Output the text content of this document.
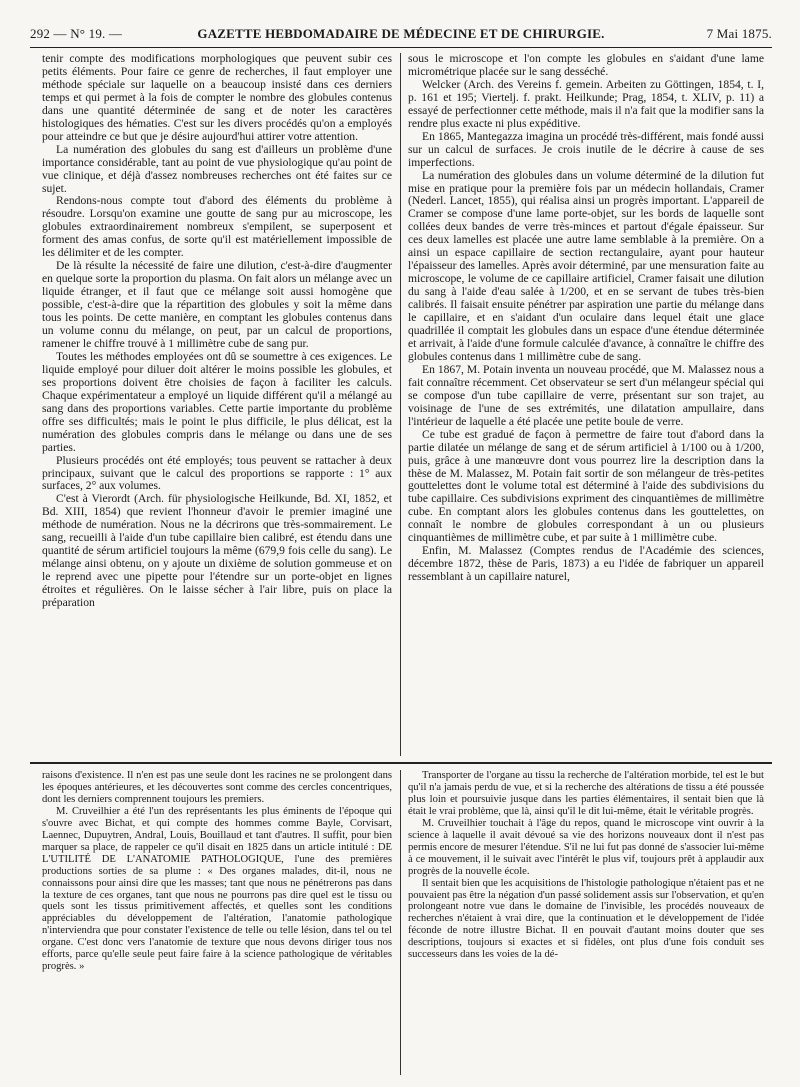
292 — N° 19. —	GAZETTE HEBDOMADAIRE DE MÉDECINE ET DE CHIRURGIE.	7 Mai 1875.

tenir compte des modifications morphologiques que peuvent subir ces petits éléments. Pour faire ce genre de recherches, il faut employer une méthode spéciale sur laquelle on a beaucoup insisté dans ces derniers temps et qui permet à la fois de compter le nombre des globules contenus dans une quantité déterminée de sang et de noter les caractères histologiques des hématies. C'est sur les divers procédés qu'on a employés pour atteindre ce but que je désire aujourd'hui attirer votre attention.

La numération des globules du sang est d'ailleurs un problème d'une importance considérable, tant au point de vue physiologique qu'au point de vue clinique, et déjà d'assez nombreuses recherches ont été faites sur ce sujet.

Rendons-nous compte tout d'abord des éléments du problème à résoudre. Lorsqu'on examine une goutte de sang pur au microscope, les globules extraordinairement nombreux s'empilent, se superposent et forment des amas confus, de sorte qu'il est matériellement impossible de les délimiter et de les compter.

De là résulte la nécessité de faire une dilution, c'est-à-dire d'augmenter en quelque sorte la proportion du plasma. On fait alors un mélange avec un liquide étranger, et il faut que ce mélange soit aussi homogène que possible, c'est-à-dire que la répartition des globules y soit la même dans tous les points. De cette manière, en comptant les globules contenus dans un volume connu du mélange, on peut, par un calcul de proportions, ramener le chiffre trouvé à 1 millimètre cube de sang pur.

Toutes les méthodes employées ont dû se soumettre à ces exigences. Le liquide employé pour diluer doit altérer le moins possible les globules, et ses proportions doivent être choisies de façon à faciliter les calculs. Chaque expérimentateur a employé un liquide différent qu'il a mélangé au sang dans des proportions variables. Cette partie importante du problème offre ses difficultés; mais le point le plus difficile, le plus délicat, est la numération des globules compris dans le mélange ou dans une de ses parties.

Plusieurs procédés ont été employés; tous peuvent se rattacher à deux principaux, suivant que le calcul des proportions se rapporte : 1° aux surfaces, 2° aux volumes.

C'est à Vierordt (Arch. für physiologische Heilkunde, Bd. XI, 1852, et Bd. XIII, 1854) que revient l'honneur d'avoir le premier imaginé une méthode de numération. Nous ne la décrirons que très-sommairement. Le sang, recueilli à l'aide d'un tube capillaire bien calibré, est étendu dans une quantité de sérum artificiel toujours la même (679,9 fois celle du sang). Le mélange ainsi obtenu, on y ajoute un dixième de solution gommeuse et on le reprend avec une pipette pour l'étendre sur un porte-objet en lignes étroites et régulières. On le laisse sécher à l'air libre, puis on place la préparation

sous le microscope et l'on compte les globules en s'aidant d'une lame micrométrique placée sur le sang desséché.

Welcker (Arch. des Vereins f. gemein. Arbeiten zu Göttingen, 1854, t. I, p. 161 et 195; Viertelj. f. prakt. Heilkunde; Prag, 1854, t. XLIV, p. 11) a essayé de perfectionner cette méthode, mais il n'a fait que la modifier sans la rendre plus exacte ni plus expéditive.

En 1865, Mantegazza imagina un procédé très-différent, mais fondé aussi sur un calcul de surfaces. Je crois inutile de le décrire à cause de ses imperfections.

La numération des globules dans un volume déterminé de la dilution fut mise en pratique pour la première fois par un médecin hollandais, Cramer (Nederl. Lancet, 1855), qui réalisa ainsi un progrès important. L'appareil de Cramer se compose d'une lame porte-objet, sur les bords de laquelle sont collées deux bandes de verre très-minces et partout d'égale épaisseur. Sur ces deux lamelles est placée une autre lame semblable à la première. On a ainsi un espace capillaire de section rectangulaire, ayant pour hauteur l'épaisseur des lamelles. Après avoir déterminé, par une mensuration faite au microscope, le volume de ce capillaire artificiel, Cramer faisait une dilution du sang à l'aide d'eau salée à 1/200, et en se servant de tubes très-bien calibrés. Il faisait ensuite pénétrer par aspiration une partie du mélange dans le capillaire, et en s'aidant d'un oculaire dans lequel était une glace quadrillée il comptait les globules dans un espace d'une étendue déterminée et arrivait, à l'aide d'une formule calculée d'avance, à connaître le chiffre des globules contenus dans 1 millimètre cube de sang.

En 1867, M. Potain inventa un nouveau procédé, que M. Malassez nous a fait connaître récemment. Cet observateur se sert d'un mélangeur spécial qui se compose d'un tube capillaire de verre, présentant sur son trajet, au voisinage de l'une de ses extrémités, une dilatation ampullaire, dans l'intérieur de laquelle a été placée une petite boule de verre.

Ce tube est gradué de façon à permettre de faire tout d'abord dans la partie dilatée un mélange de sang et de sérum artificiel à 1/100 ou à 1/200, puis, grâce à une manœuvre dont vous pourrez lire la description dans la thèse de M. Malassez, M. Potain fait sortir de son mélangeur de très-petites gouttelettes dont le volume total est déterminé à l'aide des subdivisions du tube capillaire. Ces subdivisions expriment des cinquantièmes de millimètre cube. En comptant alors les globules contenus dans les gouttelettes, on connaît le nombre de globules correspondant à un ou plusieurs cinquantièmes de millimètre cube, et par suite à 1 millimètre cube.

Enfin, M. Malassez (Comptes rendus de l'Académie des sciences, décembre 1872, thèse de Paris, 1873) a eu l'idée de fabriquer un appareil ressemblant à un capillaire naturel,

raisons d'existence. Il n'en est pas une seule dont les racines ne se prolongent dans les époques antérieures, et les découvertes sont comme des cercles concentriques, dont les derniers comprennent toujours les premiers.

M. Cruveilhier a été l'un des représentants les plus éminents de l'époque qui s'ouvre avec Bichat, et qui compte des hommes comme Bayle, Corvisart, Laennec, Dupuytren, Andral, Louis, Bouillaud et tant d'autres. Il suffit, pour bien marquer sa place, de rappeler ce qu'il disait en 1825 dans un article intitulé : DE L'UTILITÉ DE L'ANATOMIE PATHOLOGIQUE, l'une des premières productions sorties de sa plume : « Des organes malades, dit-il, nous ne connaissons pour ainsi dire que les masses; tant que nous ne pénétrerons pas dans la texture de ces organes, tant que nous ne pourrons pas dire quel est le tissu ou quels sont les tissus primitivement affectés, et quelles sont les conditions appréciables du développement de l'altération, l'anatomie pathologique n'interviendra que pour constater l'existence de telle ou telle lésion, dans tel ou tel organe. C'est donc vers l'anatomie de texture que nous devons diriger tous nos efforts, parce qu'elle seule peut faire faire à la science pathologique de véritables progrès. »

Transporter de l'organe au tissu la recherche de l'altération morbide, tel est le but qu'il n'a jamais perdu de vue, et si la recherche des altérations de tissu a été poussée plus loin et poursuivie jusque dans les parties élémentaires, il sentait bien que là était le vrai problème, que là, ainsi qu'il le dit lui-même, était le véritable progrès.

M. Cruveilhier touchait à l'âge du repos, quand le microscope vint ouvrir à la science à laquelle il avait dévoué sa vie des horizons nouveaux dont il n'est pas permis encore de mesurer l'étendue. S'il ne lui fut pas donné de s'associer lui-même à ce mouvement, il le suivait avec l'intérêt le plus vif, toujours prêt à applaudir aux progrès de la nouvelle école.

Il sentait bien que les acquisitions de l'histologie pathologique n'étaient pas et ne pouvaient pas être la négation d'un passé solidement assis sur l'observation, et qu'en prolongeant notre vue dans le domaine de l'invisible, les procédés nouveaux de recherches n'étaient à vrai dire, que la continuation et le développement de l'idée féconde de notre illustre Bichat. Il en pouvait d'autant moins douter que ses descriptions, toujours si exactes et si fidèles, ont plus d'une fois conduit ses successeurs dans les voies de la dé-
